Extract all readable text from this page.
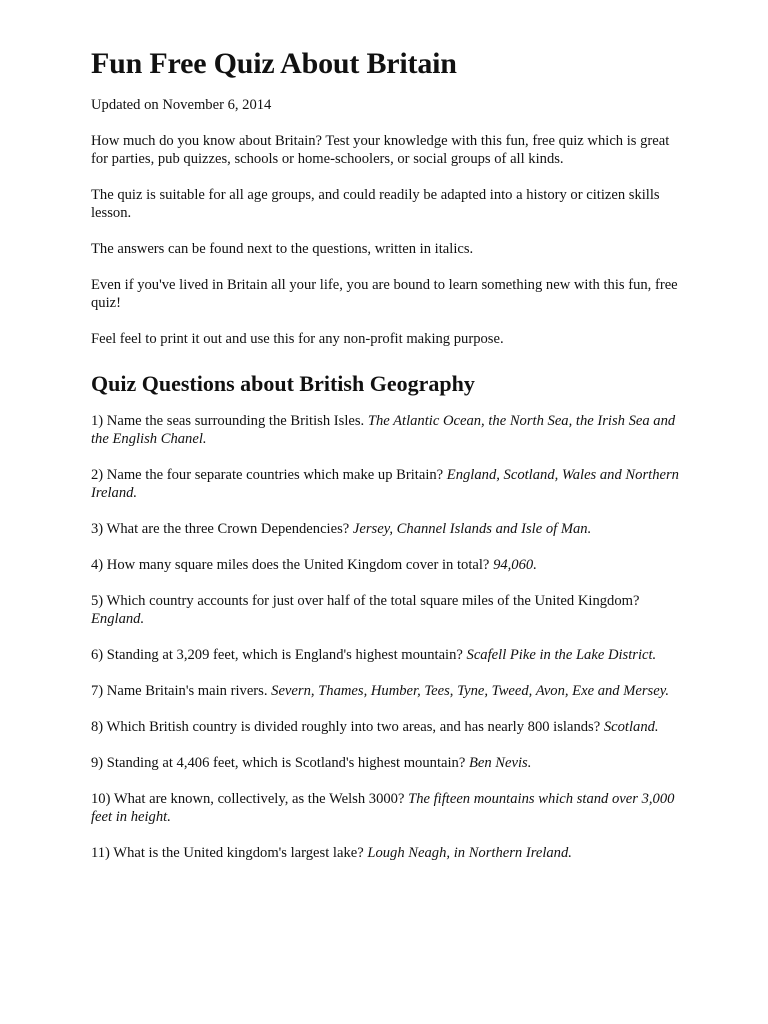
Fun Free Quiz About Britain
Updated on November 6, 2014

How much do you know about Britain? Test your knowledge with this fun, free quiz which is great for parties, pub quizzes, schools or home-schoolers, or social groups of all kinds.

The quiz is suitable for all age groups, and could readily be adapted into a history or citizen skills lesson.

The answers can be found next to the questions, written in italics.

Even if you've lived in Britain all your life, you are bound to learn something new with this fun, free quiz!

Feel feel to print it out and use this for any non-profit making purpose.

Quiz Questions about British Geography
1) Name the seas surrounding the British Isles. The Atlantic Ocean, the North Sea, the Irish Sea and the English Chanel.
2) Name the four separate countries which make up Britain? England, Scotland, Wales and Northern Ireland.
3) What are the three Crown Dependencies? Jersey, Channel Islands and Isle of Man.
4) How many square miles does the United Kingdom cover in total? 94,060.
5) Which country accounts for just over half of the total square miles of the United Kingdom? England.
6) Standing at 3,209 feet, which is England's highest mountain? Scafell Pike in the Lake District.
7) Name Britain's main rivers. Severn, Thames, Humber, Tees, Tyne, Tweed, Avon, Exe and Mersey.
8) Which British country is divided roughly into two areas, and has nearly 800 islands? Scotland.
9) Standing at 4,406 feet, which is Scotland's highest mountain? Ben Nevis.
10) What are known, collectively, as the Welsh 3000? The fifteen mountains which stand over 3,000 feet in height.
11) What is the United kingdom's largest lake? Lough Neagh, in Northern Ireland.
